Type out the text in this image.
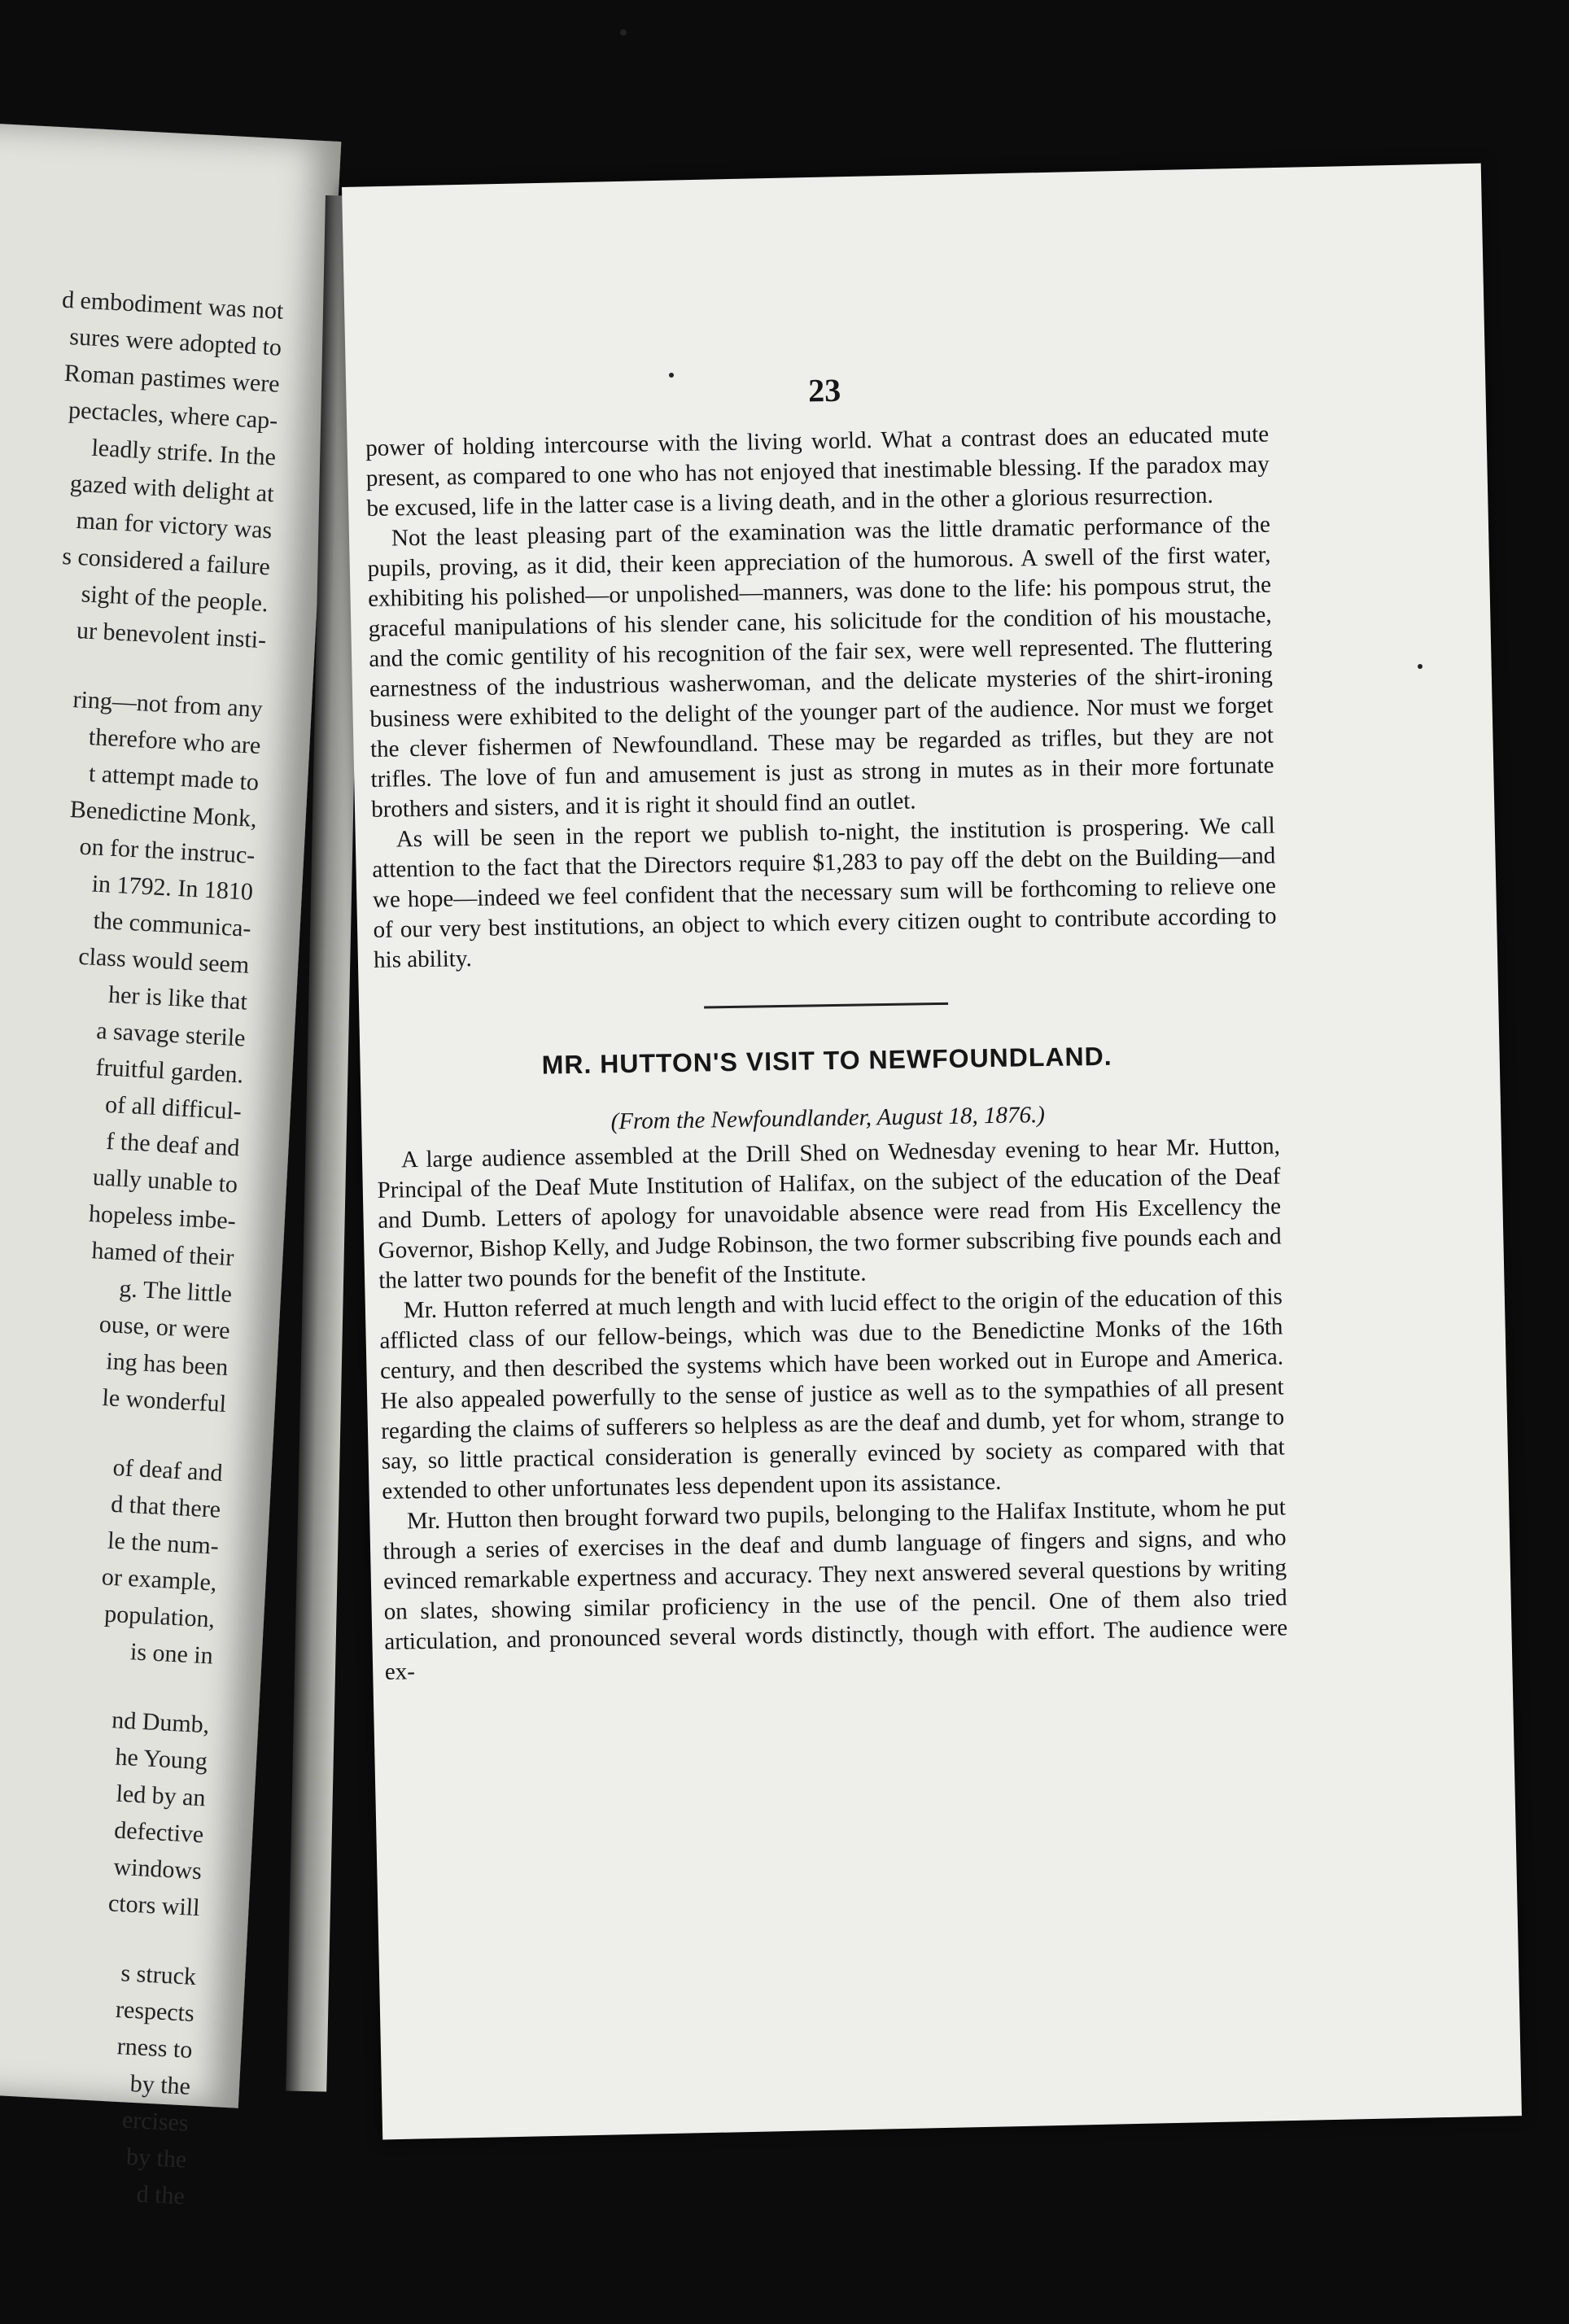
d embodiment was not
sures were adopted to
Roman pastimes were
pectacles, where cap-
leadly strife. In the
gazed with delight at
man for victory was
s considered a failure
sight of the people.
ur benevolent insti-
ring—not from any
therefore who are
t attempt made to
Benedictine Monk,
on for the instruc-
in 1792. In 1810
the communica-
class would seem
her is like that
a savage sterile
fruitful garden.
of all difficul-
f the deaf and
ually unable to
hopeless imbe-
hamed of their
g. The little
ouse, or were
ing has been
le wonderful
of deaf and
d that there
le the num-
or example,
population,
is one in
nd Dumb,
he Young
led by an
defective
windows
ctors will
s struck
respects
rness to
by the
ercises
by the
d the
23

power of holding intercourse with the living world. What a contrast does an educated mute present, as compared to one who has not enjoyed that inestimable blessing. If the paradox may be excused, life in the latter case is a living death, and in the other a glorious resurrection.

Not the least pleasing part of the examination was the little dramatic performance of the pupils, proving, as it did, their keen appreciation of the humorous. A swell of the first water, exhibiting his polished—or unpolished—manners, was done to the life: his pompous strut, the graceful manipulations of his slender cane, his solicitude for the condition of his moustache, and the comic gentility of his recognition of the fair sex, were well represented. The fluttering earnestness of the industrious washerwoman, and the delicate mysteries of the shirt-ironing business were exhibited to the delight of the younger part of the audience. Nor must we forget the clever fishermen of Newfoundland. These may be regarded as trifles, but they are not trifles. The love of fun and amusement is just as strong in mutes as in their more fortunate brothers and sisters, and it is right it should find an outlet.

As will be seen in the report we publish to-night, the institution is prospering. We call attention to the fact that the Directors require $1,283 to pay off the debt on the Building—and we hope—indeed we feel confident that the necessary sum will be forthcoming to relieve one of our very best institutions, an object to which every citizen ought to contribute according to his ability.

MR. HUTTON'S VISIT TO NEWFOUNDLAND.
(From the Newfoundlander, August 18, 1876.)

A large audience assembled at the Drill Shed on Wednesday evening to hear Mr. Hutton, Principal of the Deaf Mute Institution of Halifax, on the subject of the education of the Deaf and Dumb. Letters of apology for unavoidable absence were read from His Excellency the Governor, Bishop Kelly, and Judge Robinson, the two former subscribing five pounds each and the latter two pounds for the benefit of the Institute.

Mr. Hutton referred at much length and with lucid effect to the origin of the education of this afflicted class of our fellow-beings, which was due to the Benedictine Monks of the 16th century, and then described the systems which have been worked out in Europe and America. He also appealed powerfully to the sense of justice as well as to the sympathies of all present regarding the claims of sufferers so helpless as are the deaf and dumb, yet for whom, strange to say, so little practical consideration is generally evinced by society as compared with that extended to other unfortunates less dependent upon its assistance.

Mr. Hutton then brought forward two pupils, belonging to the Halifax Institute, whom he put through a series of exercises in the deaf and dumb language of fingers and signs, and who evinced remarkable expertness and accuracy. They next answered several questions by writing on slates, showing similar proficiency in the use of the pencil. One of them also tried articulation, and pronounced several words distinctly, though with effort. The audience were ex-
